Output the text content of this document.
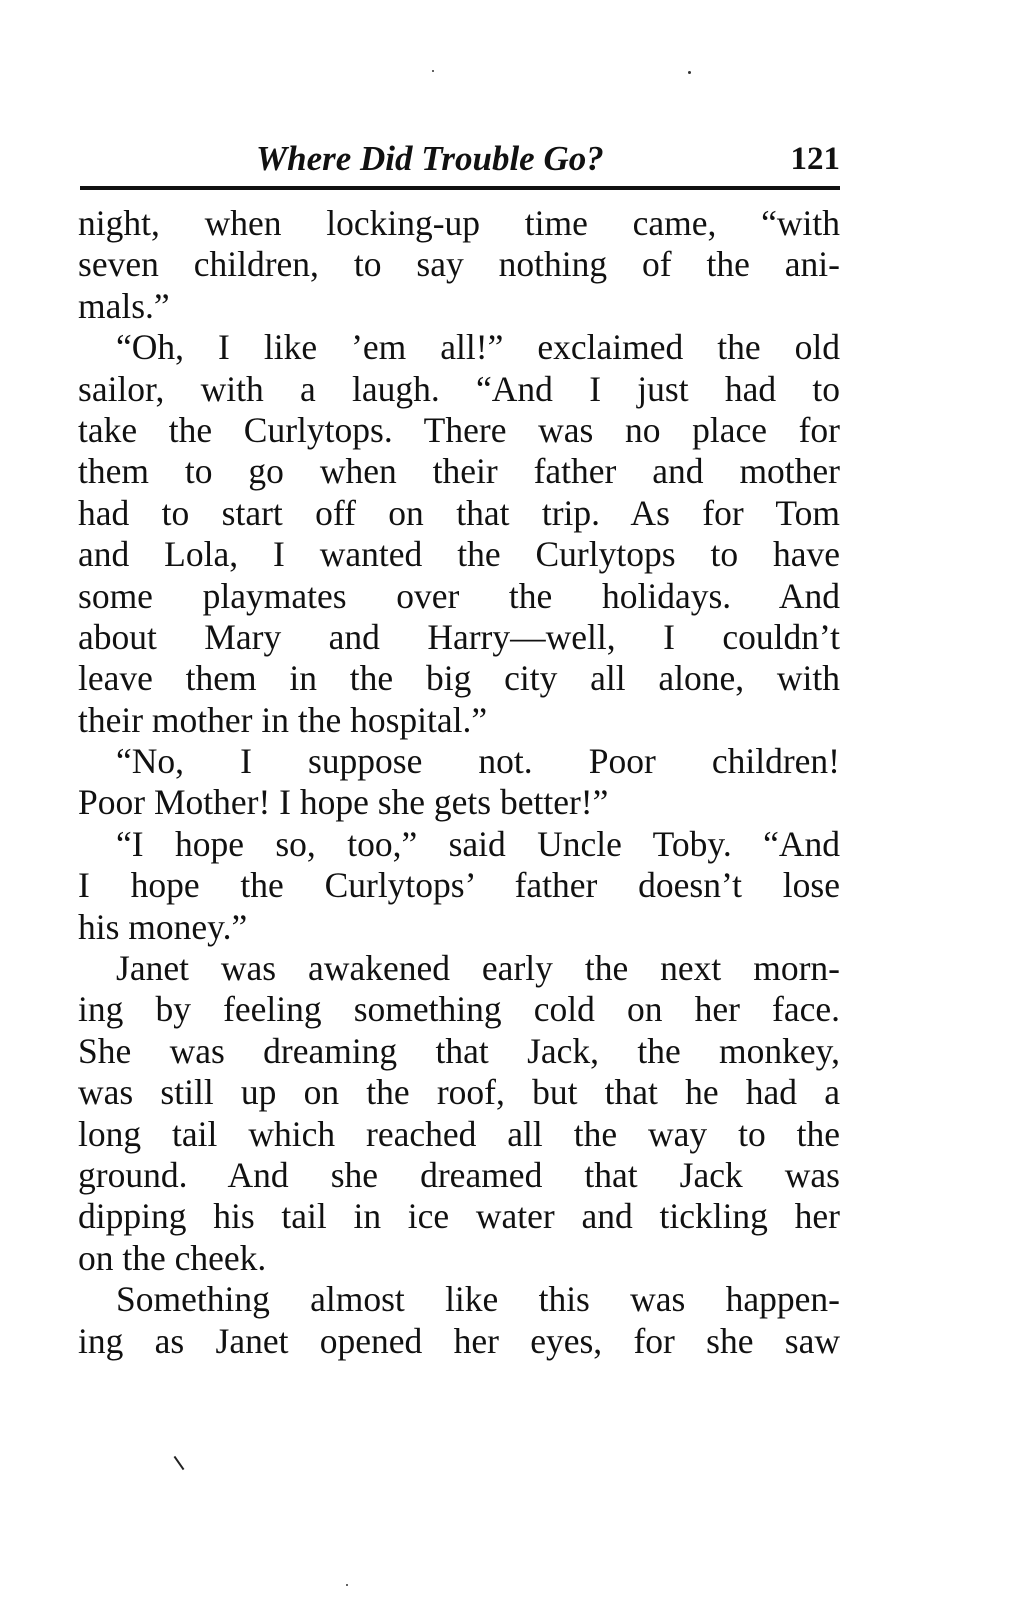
Where Did Trouble Go?	121
night, when locking-up time came, “with
seven children, to say nothing of the ani-
mals.”
“Oh, I like ’em all!” exclaimed the old
sailor, with a laugh. “And I just had to
take the Curlytops. There was no place for
them to go when their father and mother
had to start off on that trip. As for Tom
and Lola, I wanted the Curlytops to have
some playmates over the holidays. And
about Mary and Harry—well, I couldn’t
leave them in the big city all alone, with
their mother in the hospital.”
“No, I suppose not. Poor children!
Poor Mother! I hope she gets better!”
“I hope so, too,” said Uncle Toby. “And
I hope the Curlytops’ father doesn’t lose
his money.”
Janet was awakened early the next morn-
ing by feeling something cold on her face.
She was dreaming that Jack, the monkey,
was still up on the roof, but that he had a
long tail which reached all the way to the
ground. And she dreamed that Jack was
dipping his tail in ice water and tickling her
on the cheek.
Something almost like this was happen-
ing as Janet opened her eyes, for she saw
